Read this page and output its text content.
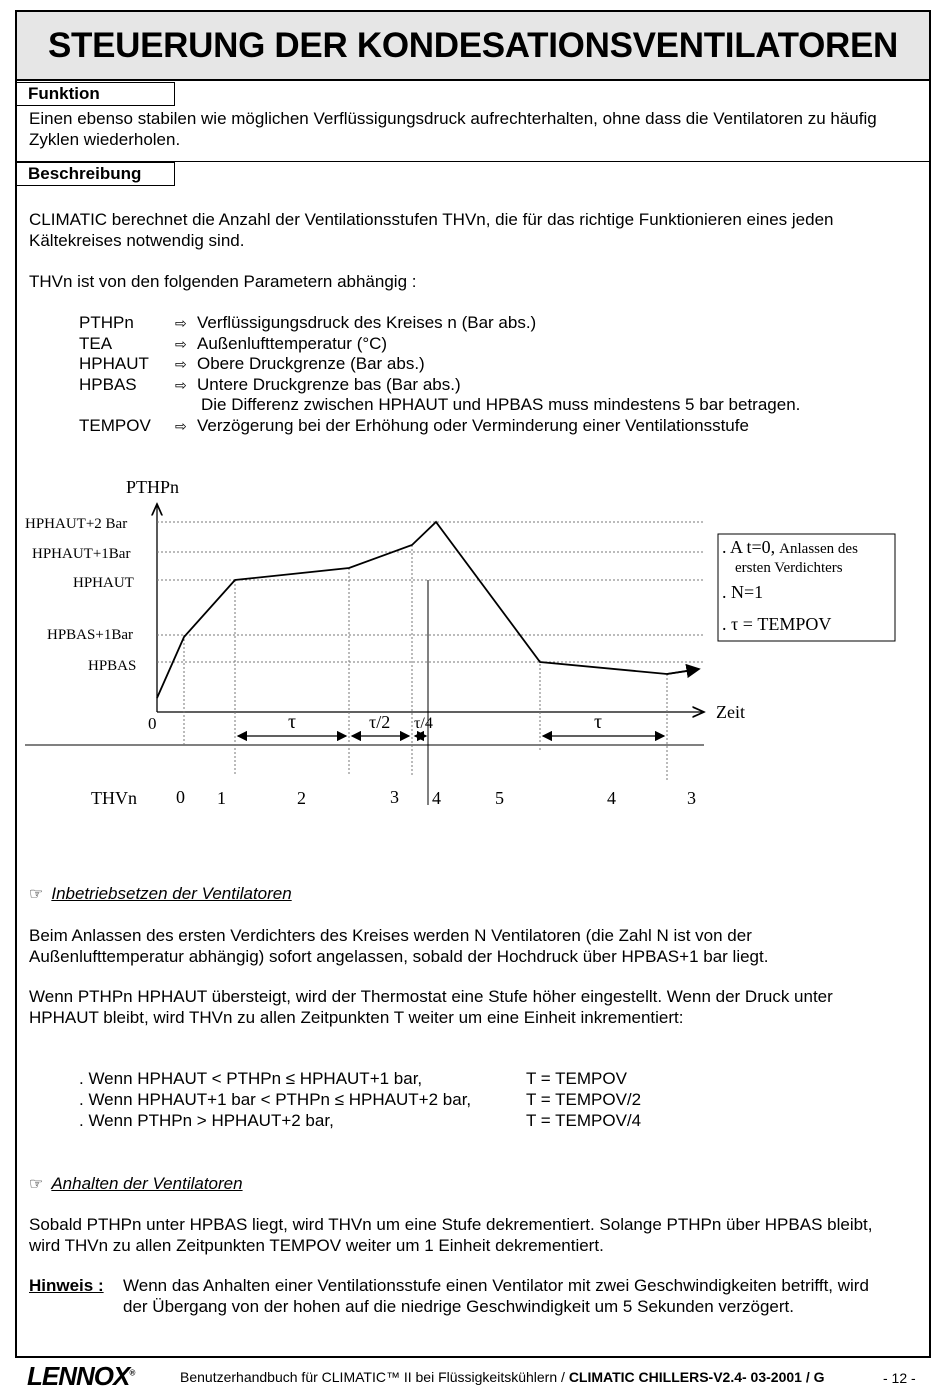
STEUERUNG DER KONDESATIONSVENTILATOREN
Funktion
Einen ebenso stabilen wie möglichen Verflüssigungsdruck aufrechterhalten, ohne dass die Ventilatoren zu häufig
Zyklen wiederholen.
Beschreibung
CLIMATIC berechnet die Anzahl der Ventilationsstufen THVn, die für das richtige Funktionieren eines jeden
Kältekreises notwendig sind.
THVn ist von den folgenden Parametern abhängig :
PTHPn	⇨ Verflüssigungsdruck des Kreises n (Bar abs.)
TEA	⇨ Außenlufttemperatur (°C)
HPHAUT	⇨ Obere Druckgrenze (Bar abs.)
HPBAS	⇨ Untere Druckgrenze bas (Bar abs.)
Die Differenz zwischen HPHAUT und HPBAS muss mindestens 5 bar betragen.
TEMPOV	⇨ Verzögerung bei der Erhöhung oder Verminderung einer Ventilationsstufe
PTHPn
HPHAUT+2 Bar
HPHAUT+1Bar
HPHAUT
HPBAS+1Bar
HPBAS
0
Zeit
τ	τ/2 τ/4	τ
. A t=0, Anlassen des
ersten Verdichters
. N=1
. τ = TEMPOV
THVn 0 1	2	3 4	5	4	3
☞ Inbetriebsetzen der Ventilatoren
Beim Anlassen des ersten Verdichters des Kreises werden N Ventilatoren (die Zahl N ist von der
Außenlufttemperatur abhängig) sofort angelassen, sobald der Hochdruck über HPBAS+1 bar liegt.
Wenn PTHPn HPHAUT übersteigt, wird der Thermostat eine Stufe höher eingestellt. Wenn der Druck unter
HPHAUT bleibt, wird THVn zu allen Zeitpunkten T weiter um eine Einheit inkrementiert:
. Wenn HPHAUT < PTHPn ≤ HPHAUT+1 bar,	T = TEMPOV
. Wenn HPHAUT+1 bar < PTHPn ≤ HPHAUT+2 bar,	T = TEMPOV/2
. Wenn PTHPn > HPHAUT+2 bar,	T = TEMPOV/4
☞ Anhalten der Ventilatoren
Sobald PTHPn unter HPBAS liegt, wird THVn um eine Stufe dekrementiert. Solange PTHPn über HPBAS bleibt,
wird THVn zu allen Zeitpunkten TEMPOV weiter um 1 Einheit dekrementiert.
Hinweis : Wenn das Anhalten einer Ventilationsstufe einen Ventilator mit zwei Geschwindigkeiten betrifft, wird
der Übergang von der hohen auf die niedrige Geschwindigkeit um 5 Sekunden verzögert.
LENNOX®	Benutzerhandbuch für CLIMATIC™ II bei Flüssigkeitskühlern / CLIMATIC CHILLERS-V2.4- 03-2001 / G	- 12 -
